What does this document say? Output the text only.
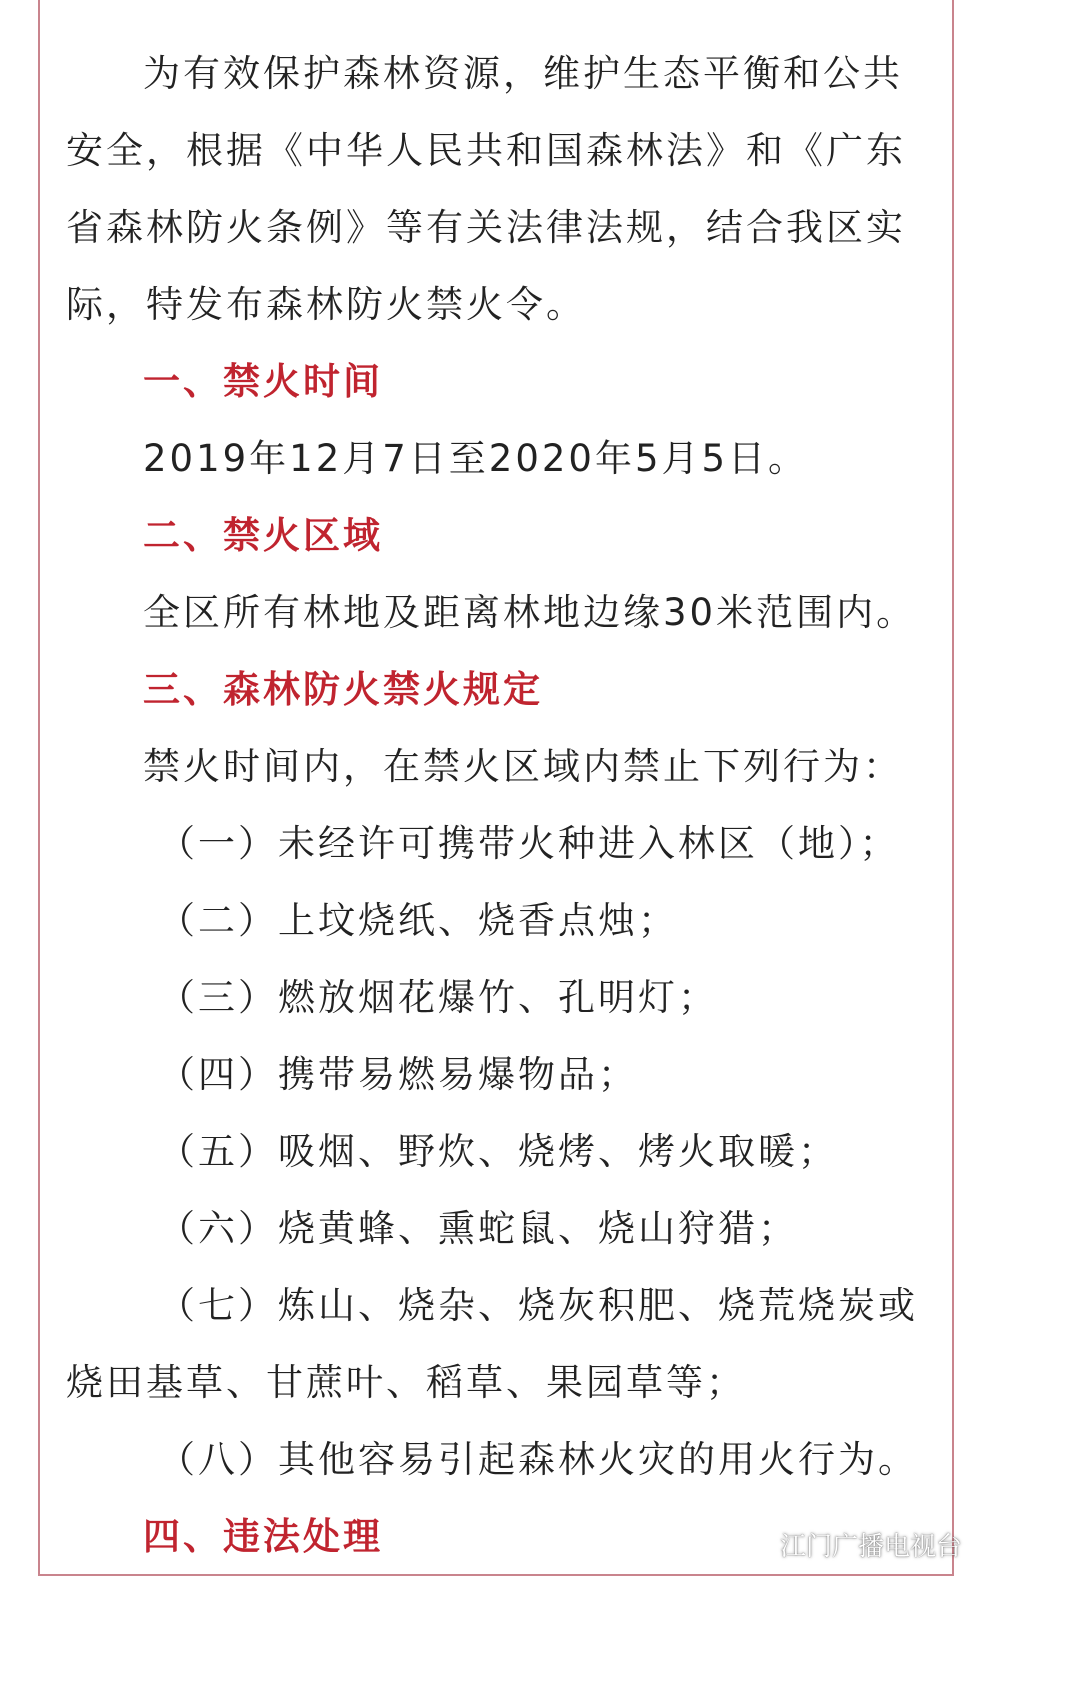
为有效保护森林资源，维护生态平衡和公共
安全，根据《中华人民共和国森林法》和《广东
省森林防火条例》等有关法律法规，结合我区实
际，特发布森林防火禁火令。
一、禁火时间
2019年12月7日至2020年5月5日。
二、禁火区域
全区所有林地及距离林地边缘30米范围内。
三、森林防火禁火规定
禁火时间内，在禁火区域内禁止下列行为：
（一）未经许可携带火种进入林区（地）；
（二）上坟烧纸、烧香点烛；
（三）燃放烟花爆竹、孔明灯；
（四）携带易燃易爆物品；
（五）吸烟、野炊、烧烤、烤火取暖；
（六）烧黄蜂、熏蛇鼠、烧山狩猎；
（七）炼山、烧杂、烧灰积肥、烧荒烧炭或
烧田基草、甘蔗叶、稻草、果园草等；
（八）其他容易引起森林火灾的用火行为。
四、违法处理	江门广播电视台
